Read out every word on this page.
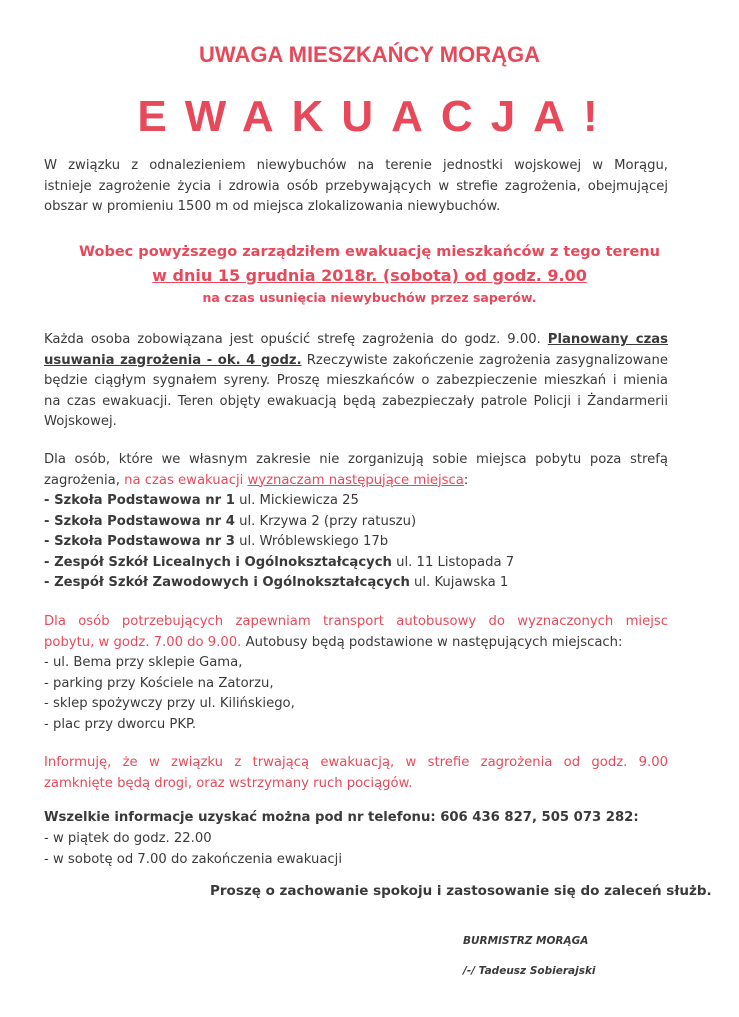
UWAGA MIESZKAŃCY MORĄGA
EWAKUACJA!
W związku z odnalezieniem niewybuchów na terenie jednostki wojskowej w Morągu,
istnieje zagrożenie życia i zdrowia osób przebywających w strefie zagrożenia, obejmującej
obszar w promieniu 1500 m od miejsca zlokalizowania niewybuchów.
Wobec powyższego zarządziłem ewakuację mieszkańców z tego terenu
w dniu 15 grudnia 2018r. (sobota) od godz. 9.00
na czas usunięcia niewybuchów przez saperów.
Każda osoba zobowiązana jest opuścić strefę zagrożenia do godz. 9.00. Planowany czas
usuwania zagrożenia - ok. 4 godz. Rzeczywiste zakończenie zagrożenia zasygnalizowane
będzie ciągłym sygnałem syreny. Proszę mieszkańców o zabezpieczenie mieszkań i mienia
na czas ewakuacji. Teren objęty ewakuacją będą zabezpieczały patrole Policji i Żandarmerii
Wojskowej.
Dla osób, które we własnym zakresie nie zorganizują sobie miejsca pobytu poza strefą
zagrożenia, na czas ewakuacji wyznaczam następujące miejsca:
- Szkoła Podstawowa nr 1 ul. Mickiewicza 25
- Szkoła Podstawowa nr 4 ul. Krzywa 2 (przy ratuszu)
- Szkoła Podstawowa nr 3 ul. Wróblewskiego 17b
- Zespół Szkół Licealnych i Ogólnokształcących ul. 11 Listopada 7
- Zespół Szkół Zawodowych i Ogólnokształcących ul. Kujawska 1
Dla osób potrzebujących zapewniam transport autobusowy do wyznaczonych miejsc
pobytu, w godz. 7.00 do 9.00. Autobusy będą podstawione w następujących miejscach:
- ul. Bema przy sklepie Gama,
- parking przy Kościele na Zatorzu,
- sklep spożywczy przy ul. Kilińskiego,
- plac przy dworcu PKP.
Informuję, że w związku z trwającą ewakuacją, w strefie zagrożenia od godz. 9.00
zamknięte będą drogi, oraz wstrzymany ruch pociągów.
Wszelkie informacje uzyskać można pod nr telefonu: 606 436 827, 505 073 282:
- w piątek do godz. 22.00
- w sobotę od 7.00 do zakończenia ewakuacji
Proszę o zachowanie spokoju i zastosowanie się do zaleceń służb.
BURMISTRZ MORĄGA
/-/ Tadeusz Sobierajski
